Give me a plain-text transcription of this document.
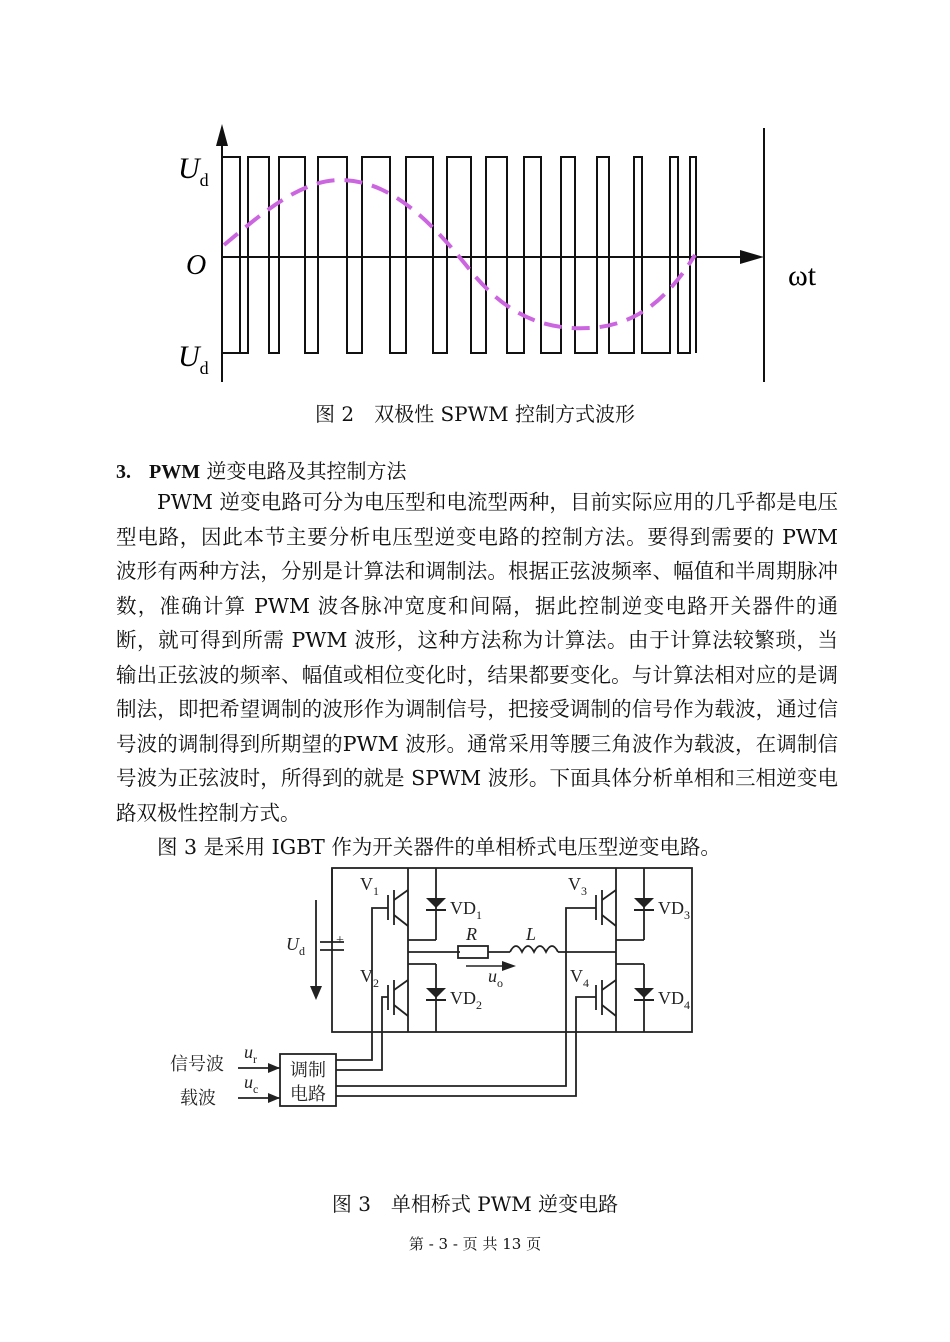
$U_d$
O
$U_d$
ωt
图 2　双极性 SPWM 控制方式波形
3. PWM 逆变电路及其控制方法

PWM 逆变电路可分为电压型和电流型两种，目前实际应用的几乎都是电压型电路，因此本节主要分析电压型逆变电路的控制方法。要得到需要的 PWM 波形有两种方法，分别是计算法和调制法。根据正弦波频率、幅值和半周期脉冲数，准确计算 PWM 波各脉冲宽度和间隔，据此控制逆变电路开关器件的通断，就可得到所需 PWM 波形，这种方法称为计算法。由于计算法较繁琐，当输出正弦波的频率、幅值或相位变化时，结果都要变化。与计算法相对应的是调制法，即把希望调制的波形作为调制信号，把接受调制的信号作为载波，通过信号波的调制得到所期望的PWM 波形。通常采用等腰三角波作为载波，在调制信号波为正弦波时，所得到的就是 SPWM 波形。下面具体分析单相和三相逆变电路双极性控制方式。

图 3 是采用 IGBT 作为开关器件的单相桥式电压型逆变电路。

$V_1$
$V_2$
$V_3$
$V_4$
$VD_1$
$VD_2$
$VD_3$
$VD_4$
$U_d$
+	R	L
$u_o$
$u_r$
$u_c$
信号波
载波
调制
电路
图 3　单相桥式 PWM 逆变电路
第 - 3 - 页 共 13 页
